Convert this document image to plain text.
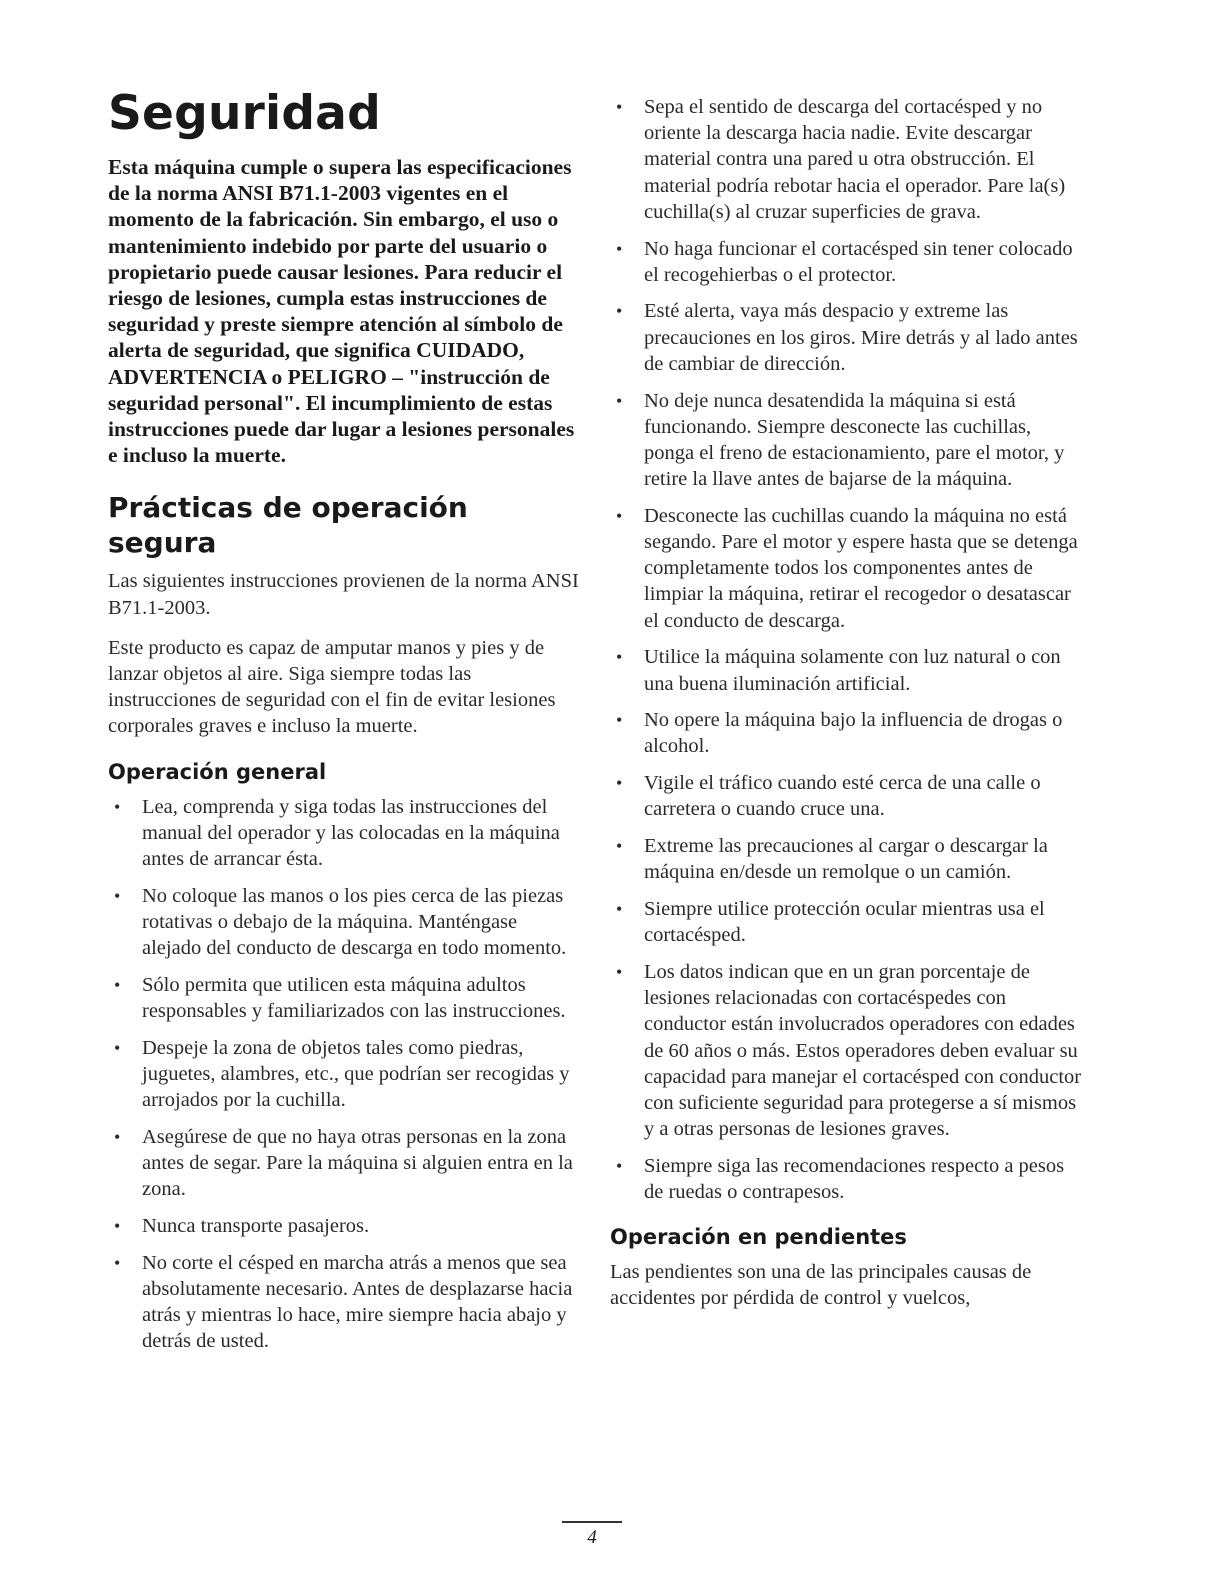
Seguridad

Esta máquina cumple o supera las especificaciones de la norma ANSI B71.1-2003 vigentes en el momento de la fabricación. Sin embargo, el uso o mantenimiento indebido por parte del usuario o propietario puede causar lesiones. Para reducir el riesgo de lesiones, cumpla estas instrucciones de seguridad y preste siempre atención al símbolo de alerta de seguridad, que significa CUIDADO, ADVERTENCIA o PELIGRO – "instrucción de seguridad personal". El incumplimiento de estas instrucciones puede dar lugar a lesiones personales e incluso la muerte.

Prácticas de operación segura

Las siguientes instrucciones provienen de la norma ANSI B71.1-2003.

Este producto es capaz de amputar manos y pies y de lanzar objetos al aire. Siga siempre todas las instrucciones de seguridad con el fin de evitar lesiones corporales graves e incluso la muerte.

Operación general
• Lea, comprenda y siga todas las instrucciones del manual del operador y las colocadas en la máquina antes de arrancar ésta.
• No coloque las manos o los pies cerca de las piezas rotativas o debajo de la máquina. Manténgase alejado del conducto de descarga en todo momento.
• Sólo permita que utilicen esta máquina adultos responsables y familiarizados con las instrucciones.
• Despeje la zona de objetos tales como piedras, juguetes, alambres, etc., que podrían ser recogidas y arrojados por la cuchilla.
• Asegúrese de que no haya otras personas en la zona antes de segar. Pare la máquina si alguien entra en la zona.
• Nunca transporte pasajeros.
• No corte el césped en marcha atrás a menos que sea absolutamente necesario. Antes de desplazarse hacia atrás y mientras lo hace, mire siempre hacia abajo y detrás de usted.
• Sepa el sentido de descarga del cortacésped y no oriente la descarga hacia nadie. Evite descargar material contra una pared u otra obstrucción. El material podría rebotar hacia el operador. Pare la(s) cuchilla(s) al cruzar superficies de grava.
• No haga funcionar el cortacésped sin tener colocado el recogehierbas o el protector.
• Esté alerta, vaya más despacio y extreme las precauciones en los giros. Mire detrás y al lado antes de cambiar de dirección.
• No deje nunca desatendida la máquina si está funcionando. Siempre desconecte las cuchillas, ponga el freno de estacionamiento, pare el motor, y retire la llave antes de bajarse de la máquina.
• Desconecte las cuchillas cuando la máquina no está segando. Pare el motor y espere hasta que se detenga completamente todos los componentes antes de limpiar la máquina, retirar el recogedor o desatascar el conducto de descarga.
• Utilice la máquina solamente con luz natural o con una buena iluminación artificial.
• No opere la máquina bajo la influencia de drogas o alcohol.
• Vigile el tráfico cuando esté cerca de una calle o carretera o cuando cruce una.
• Extreme las precauciones al cargar o descargar la máquina en/desde un remolque o un camión.
• Siempre utilice protección ocular mientras usa el cortacésped.
• Los datos indican que en un gran porcentaje de lesiones relacionadas con cortacéspedes con conductor están involucrados operadores con edades de 60 años o más. Estos operadores deben evaluar su capacidad para manejar el cortacésped con conductor con suficiente seguridad para protegerse a sí mismos y a otras personas de lesiones graves.
• Siempre siga las recomendaciones respecto a pesos de ruedas o contrapesos.
Operación en pendientes

Las pendientes son una de las principales causas de accidentes por pérdida de control y vuelcos,

4
